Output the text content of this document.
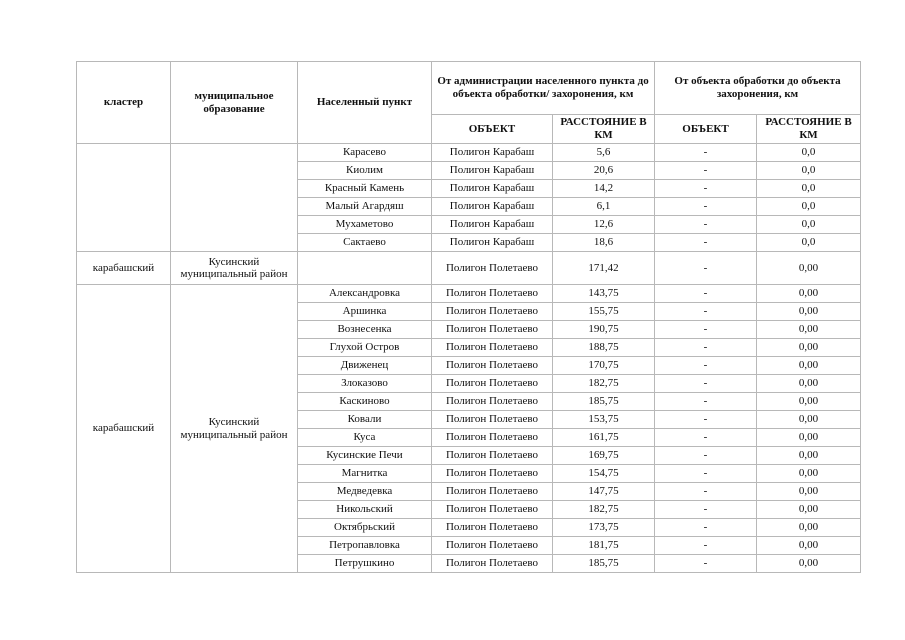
кластер	муниципальное образование	Населенный пункт	От администрации населенного пункта до объекта обработки/ захоронения, км		От объекта обработки до объекта захоронения, км	
			ОБЪЕКТ	РАССТОЯНИЕ В КМ	ОБЪЕКТ	РАССТОЯНИЕ В КМ
		Карасево	Полигон Карабаш	5,6	-	0,0
		Киолим	Полигон Карабаш	20,6	-	0,0
		Красный Камень	Полигон Карабаш	14,2	-	0,0
		Малый Агардяш	Полигон Карабаш	6,1	-	0,0
		Мухаметово	Полигон Карабаш	12,6	-	0,0
		Сактаево	Полигон Карабаш	18,6	-	0,0
карабашский	Кусинский муниципальный район		Полигон Полетаево	171,42	-	0,00
карабашский	Кусинский муниципальный район	Александровка	Полигон Полетаево	143,75	-	0,00
		Аршинка	Полигон Полетаево	155,75	-	0,00
		Вознесенка	Полигон Полетаево	190,75	-	0,00
		Глухой Остров	Полигон Полетаево	188,75	-	0,00
		Движенец	Полигон Полетаево	170,75	-	0,00
		Злоказово	Полигон Полетаево	182,75	-	0,00
		Каскиново	Полигон Полетаево	185,75	-	0,00
		Ковали	Полигон Полетаево	153,75	-	0,00
		Куса	Полигон Полетаево	161,75	-	0,00
		Кусинские Печи	Полигон Полетаево	169,75	-	0,00
		Магнитка	Полигон Полетаево	154,75	-	0,00
		Медведевка	Полигон Полетаево	147,75	-	0,00
		Никольский	Полигон Полетаево	182,75	-	0,00
		Октябрьский	Полигон Полетаево	173,75	-	0,00
		Петропавловка	Полигон Полетаево	181,75	-	0,00
		Петрушкино	Полигон Полетаево	185,75	-	0,00
